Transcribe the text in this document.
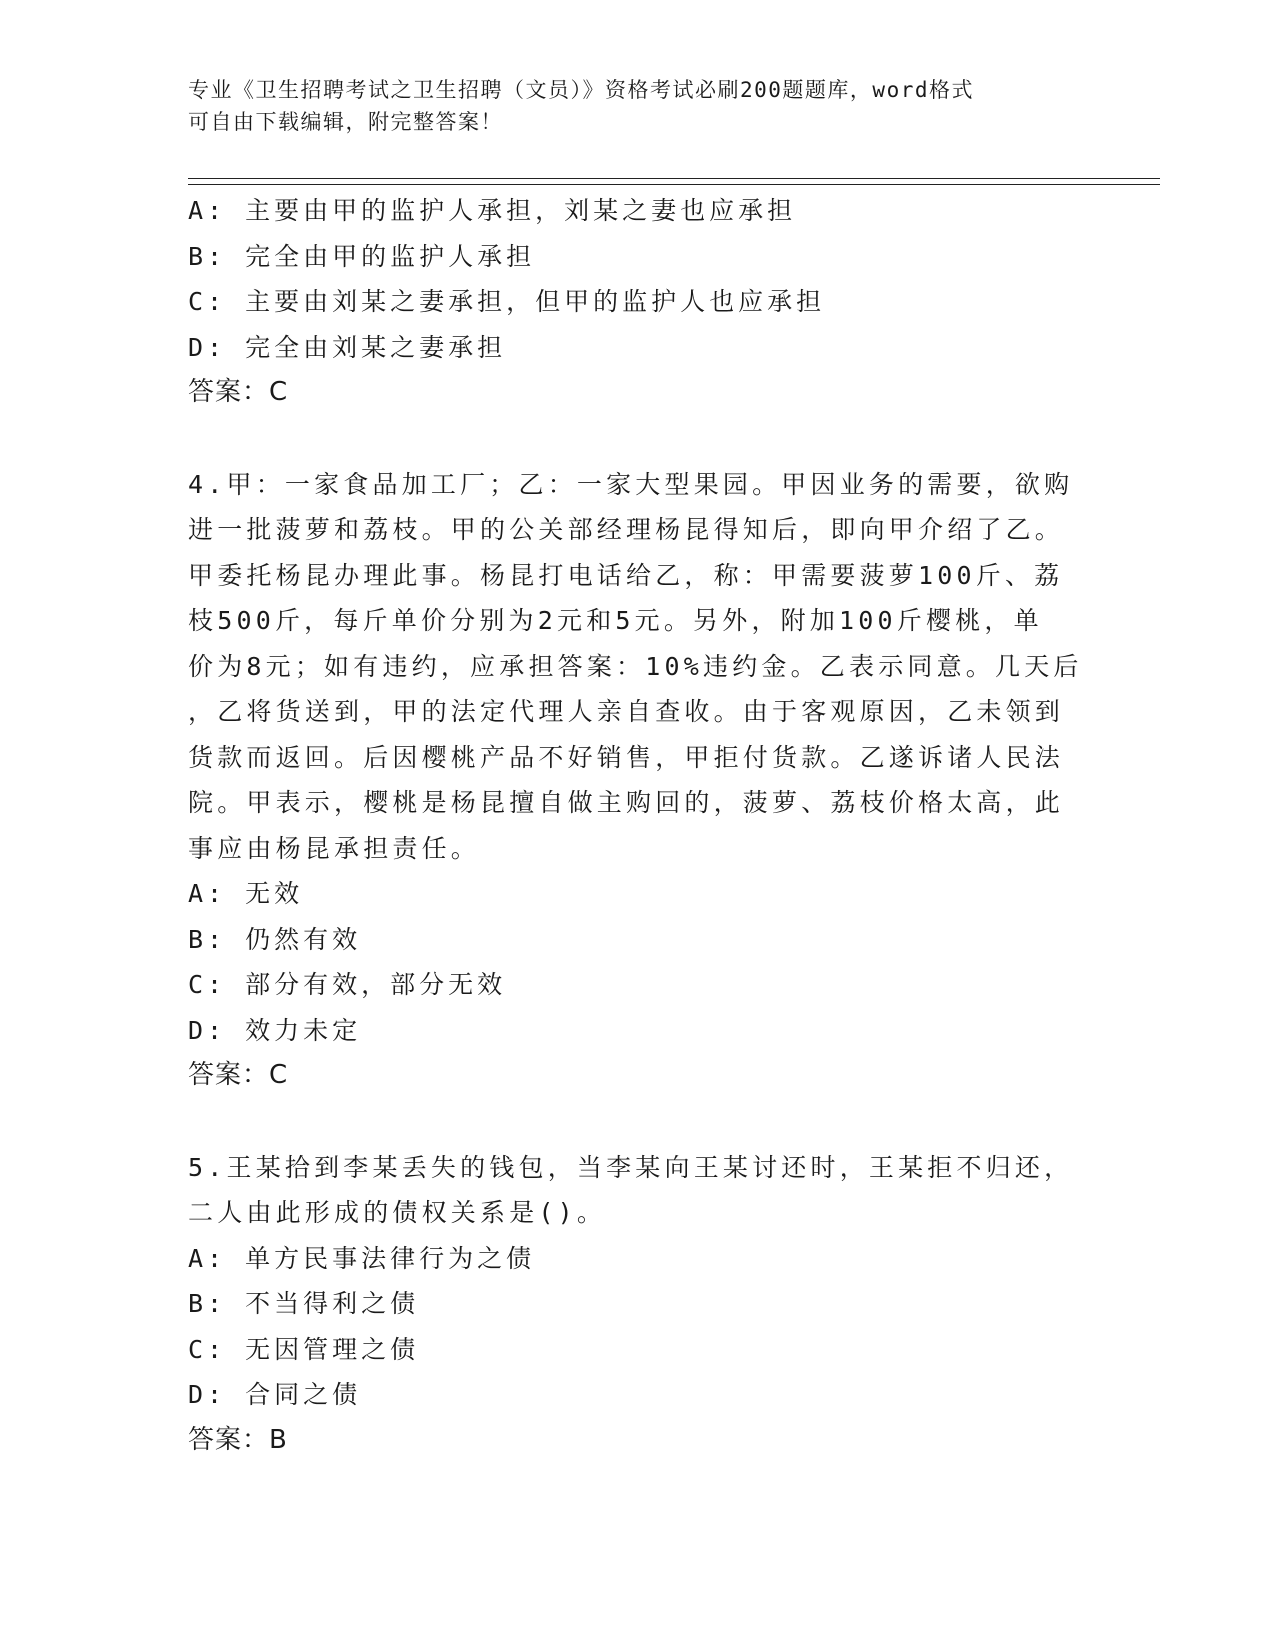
专业《卫生招聘考试之卫生招聘（文员）》资格考试必刷200题题库，word格式
可自由下载编辑，附完整答案！
A: 主要由甲的监护人承担，刘某之妻也应承担
B: 完全由甲的监护人承担
C: 主要由刘某之妻承担，但甲的监护人也应承担
D: 完全由刘某之妻承担
答案：C
4.甲：一家食品加工厂；乙：一家大型果园。甲因业务的需要，欲购
进一批菠萝和荔枝。甲的公关部经理杨昆得知后，即向甲介绍了乙。
甲委托杨昆办理此事。杨昆打电话给乙，称：甲需要菠萝100斤、荔
枝500斤，每斤单价分别为2元和5元。另外，附加100斤樱桃，单
价为8元；如有违约，应承担答案：10%违约金。乙表示同意。几天后
，乙将货送到，甲的法定代理人亲自查收。由于客观原因，乙未领到
货款而返回。后因樱桃产品不好销售，甲拒付货款。乙遂诉诸人民法
院。甲表示，樱桃是杨昆擅自做主购回的，菠萝、荔枝价格太高，此
事应由杨昆承担责任。
A: 无效
B: 仍然有效
C: 部分有效，部分无效
D: 效力未定
答案：C
5.王某拾到李某丢失的钱包，当李某向王某讨还时，王某拒不归还，
二人由此形成的债权关系是()。
A: 单方民事法律行为之债
B: 不当得利之债
C: 无因管理之债
D: 合同之债
答案：B
